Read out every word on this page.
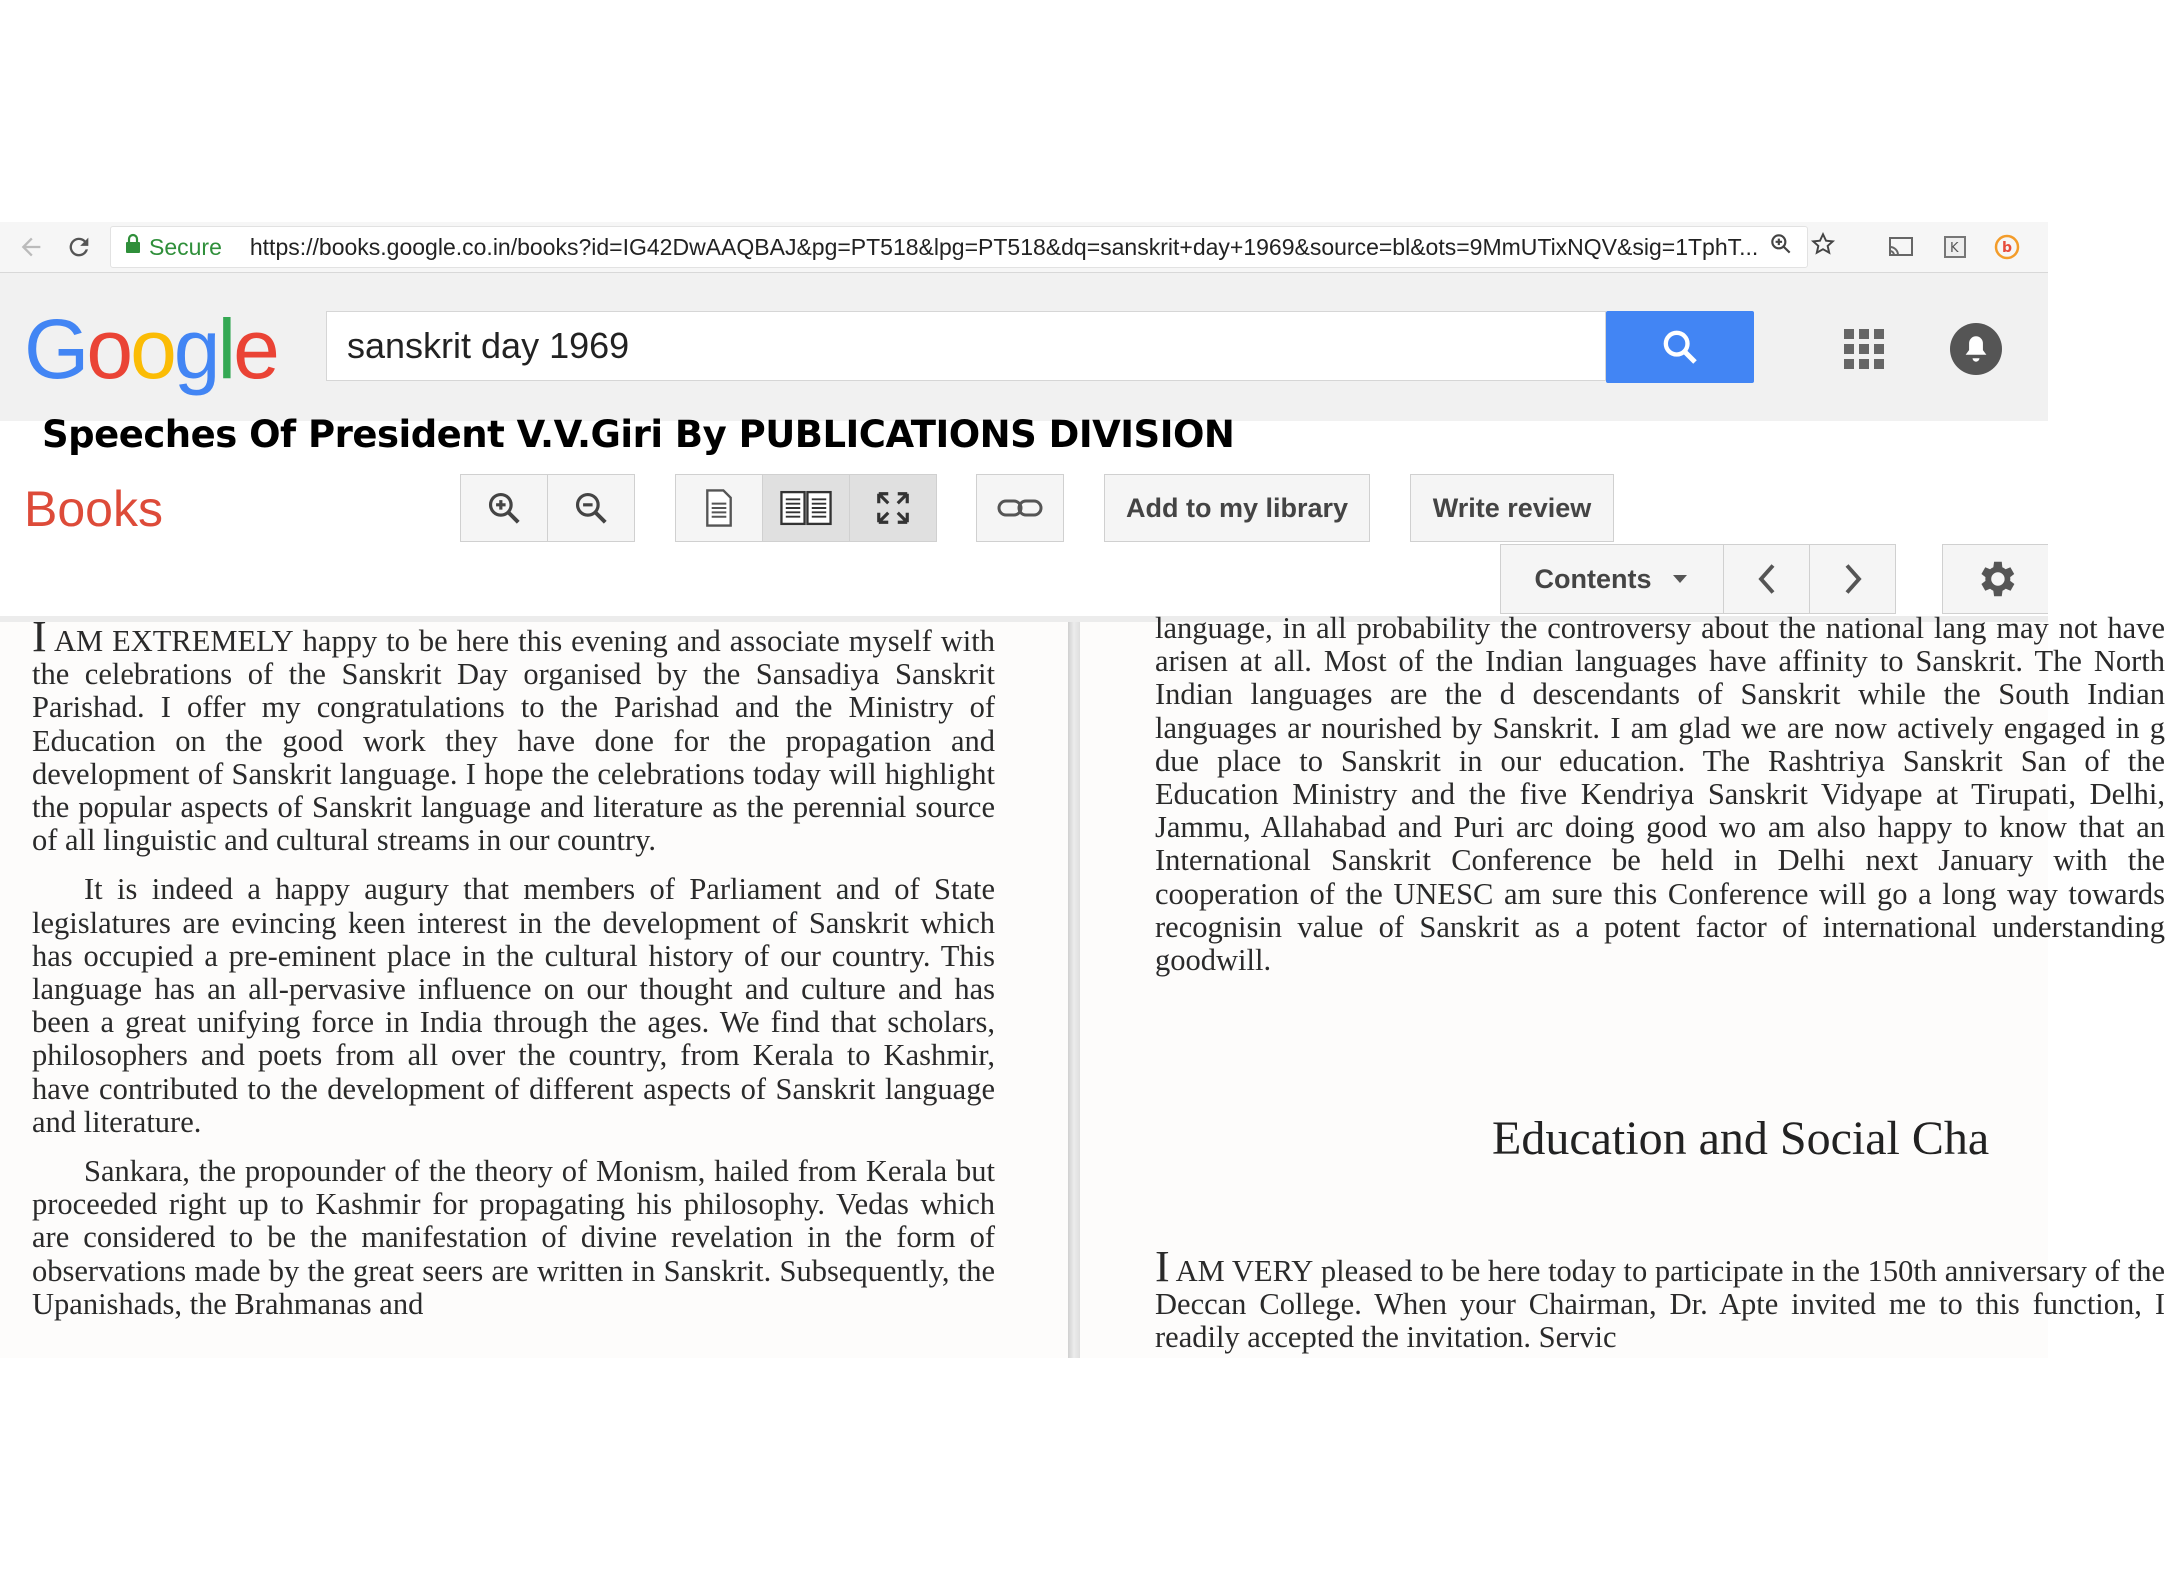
Secure https://books.google.co.in/books?id=IG42DwAAQBAJ&pg=PT518&lpg=PT518&dq=sanskrit+day+1969&source=bl&ots=9MmUTixNQV&sig=1TphT...	K	b
Google	sanskrit day 1969
Speeches Of President V.V.Giri By PUBLICATIONS DIVISION
Books	Add to my library	Write review
Contents

I AM EXTREMELY happy to be here this evening and associate myself with the celebrations of the Sanskrit Day organised by the Sansadiya Sanskrit Parishad. I offer my congratulations to the Parishad and the Ministry of Education on the good work they have done for the propagation and development of Sanskrit language. I hope the celebrations today will highlight the popular aspects of Sanskrit language and literature as the perennial source of all linguistic and cultural streams in our country.

It is indeed a happy augury that members of Parliament and of State legislatures are evincing keen interest in the development of Sanskrit which has occupied a pre-eminent place in the cultural history of our country. This language has an all-pervasive influence on our thought and culture and has been a great unifying force in India through the ages. We find that scholars, philosophers and poets from all over the country, from Kerala to Kashmir, have contributed to the development of different aspects of Sanskrit language and literature.

Sankara, the propounder of the theory of Monism, hailed from Kerala but proceeded right up to Kashmir for propagating his philosophy. Vedas which are considered to be the manifestation of divine revelation in the form of observations made by the great seers are written in Sanskrit. Subsequently, the Upanishads, the Brahmanas and

language, in all probability the controversy about the national lang may not have arisen at all. Most of the Indian languages have affinity to Sanskrit. The North Indian languages are the d descendants of Sanskrit while the South Indian languages ar nourished by Sanskrit. I am glad we are now actively engaged in g due place to Sanskrit in our education. The Rashtriya Sanskrit San of the Education Ministry and the five Kendriya Sanskrit Vidyape at Tirupati, Delhi, Jammu, Allahabad and Puri arc doing good wo am also happy to know that an International Sanskrit Conference be held in Delhi next January with the cooperation of the UNESC am sure this Conference will go a long way towards recognisin value of Sanskrit as a potent factor of international understanding goodwill.

Education and Social Cha

I AM VERY pleased to be here today to participate in the 150th anniversary of the Deccan College. When your Chairman, Dr. Apte invited me to this function, I readily accepted the invitation. Servic
